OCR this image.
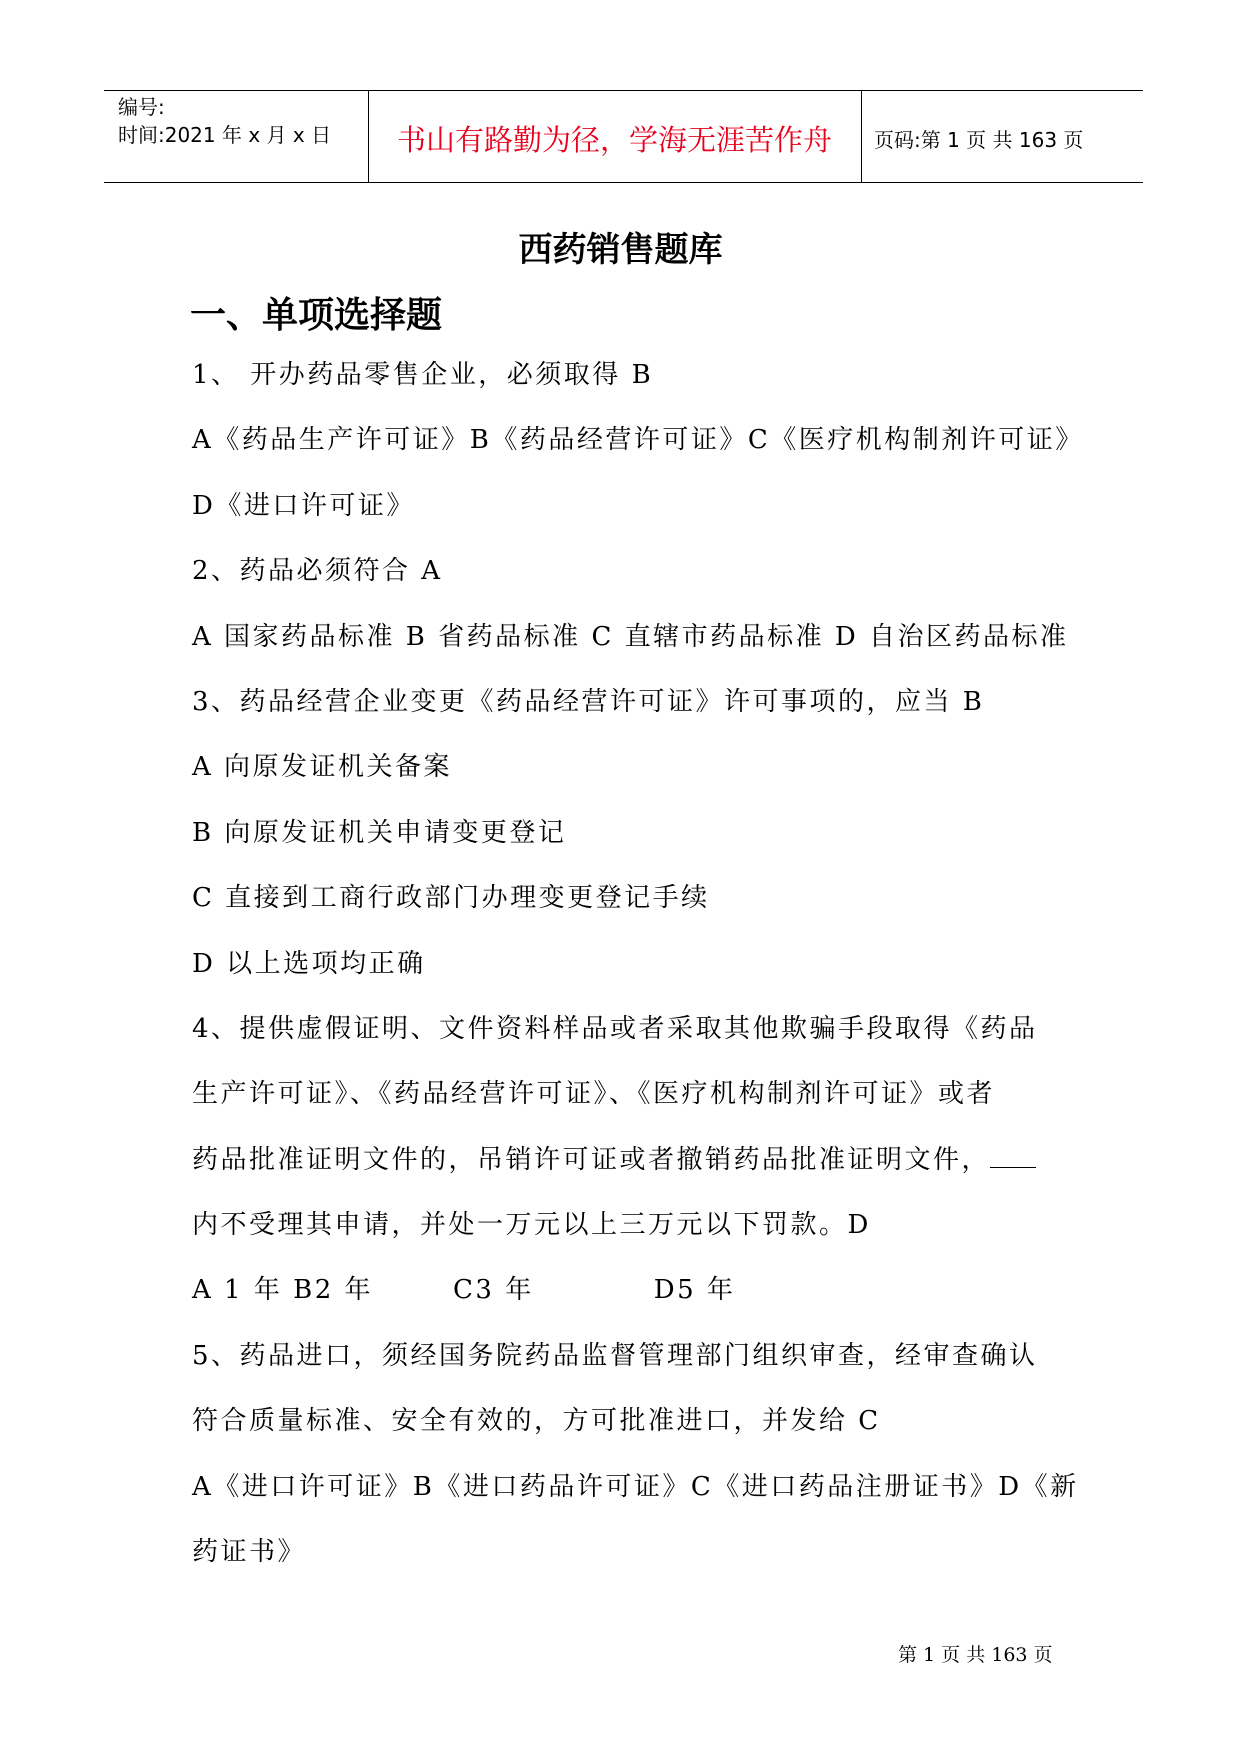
编号:
时间:2021 年 x 月 x 日	书山有路勤为径，学海无涯苦作舟	页码:第 1 页 共 163 页
西药销售题库
一、单项选择题
1、 开办药品零售企业，必须取得 B
A《药品生产许可证》B《药品经营许可证》C《医疗机构制剂许可证》
D《进口许可证》
2、药品必须符合 A
A 国家药品标准 B 省药品标准 C 直辖市药品标准 D 自治区药品标准
3、药品经营企业变更《药品经营许可证》许可事项的，应当 B
A 向原发证机关备案
B 向原发证机关申请变更登记
C 直接到工商行政部门办理变更登记手续
D 以上选项均正确
4、提供虚假证明、文件资料样品或者采取其他欺骗手段取得《药品
生产许可证》、《药品经营许可证》、《医疗机构制剂许可证》或者
药品批准证明文件的，吊销许可证或者撤销药品批准证明文件，
内不受理其申请，并处一万元以上三万元以下罚款。D
A 1 年 B2 年	C3 年	D5 年
5、药品进口，须经国务院药品监督管理部门组织审查，经审查确认
符合质量标准、安全有效的，方可批准进口，并发给 C
A《进口许可证》B《进口药品许可证》C《进口药品注册证书》D《新
药证书》
第 1 页 共 163 页
